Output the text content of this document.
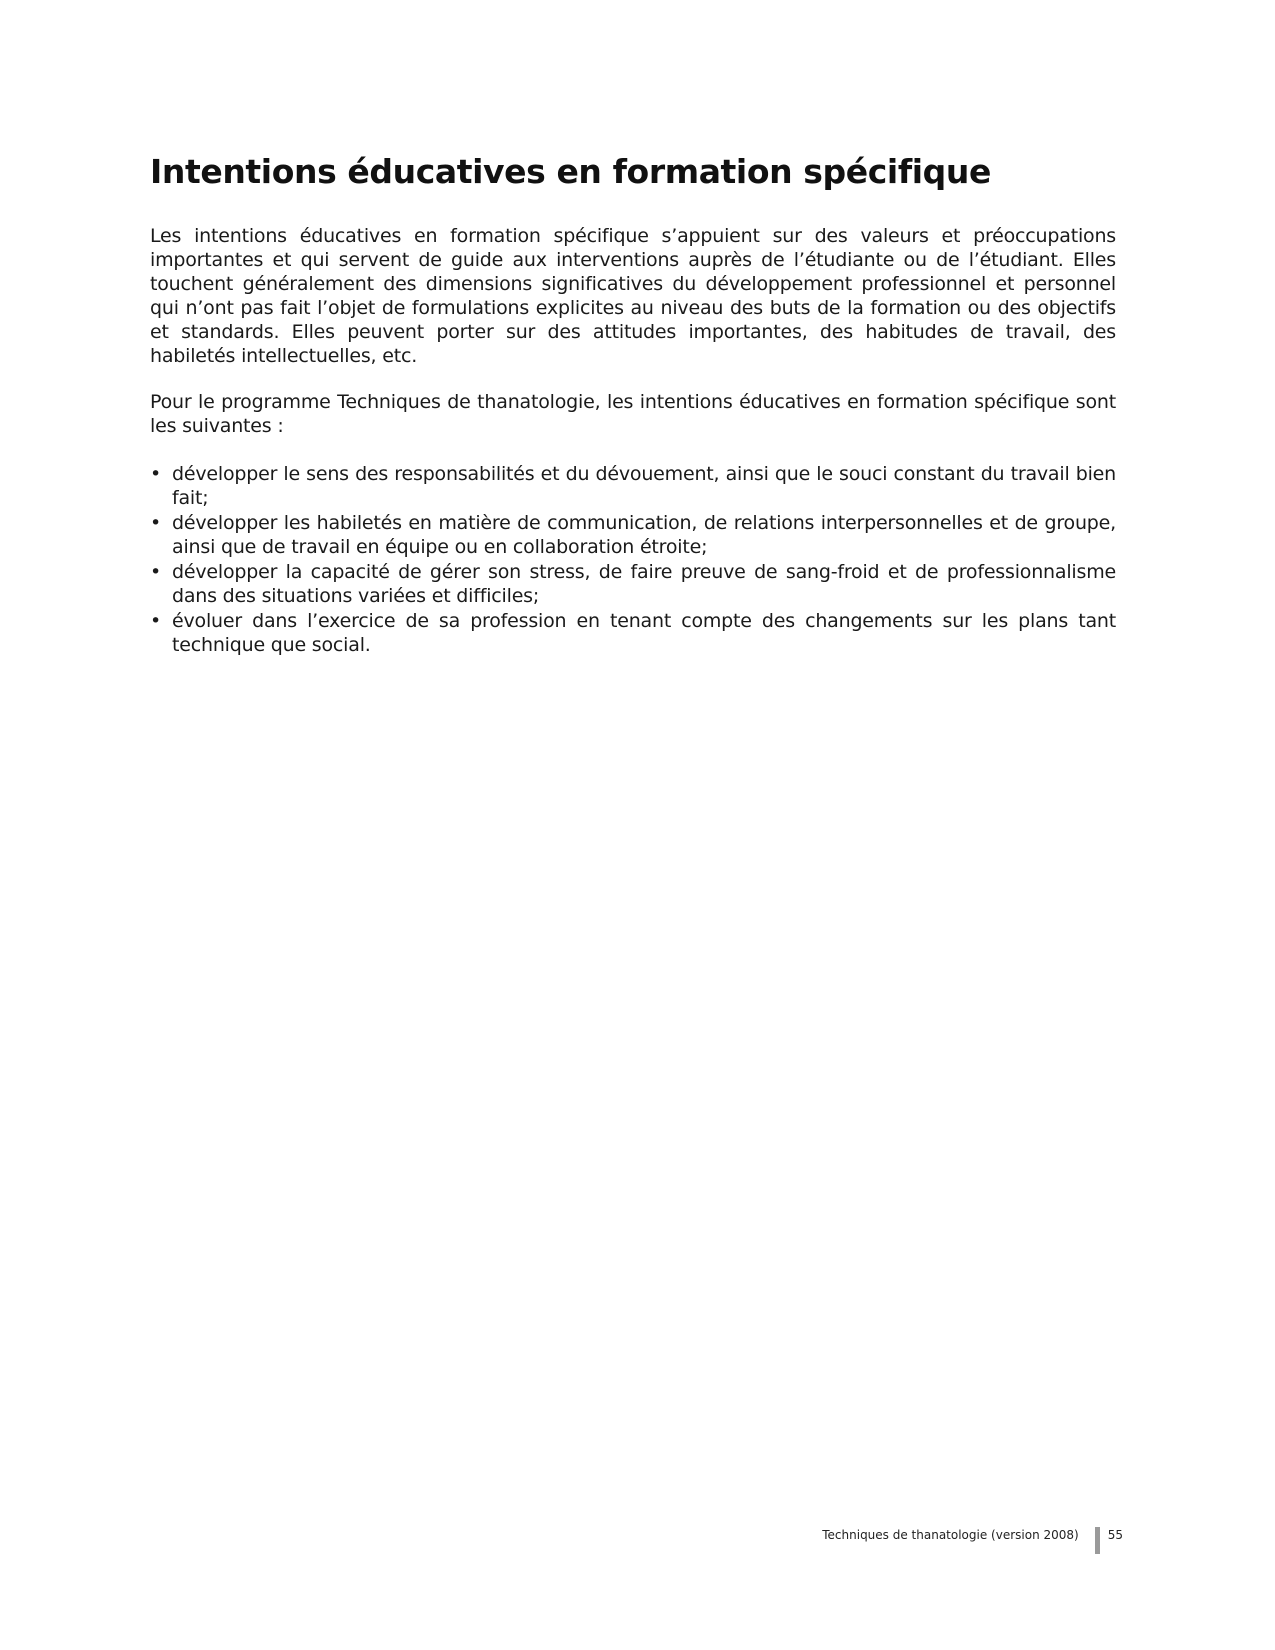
Intentions éducatives en formation spécifique

Les intentions éducatives en formation spécifique s’appuient sur des valeurs et préoccupations importantes et qui servent de guide aux interventions auprès de l’étudiante ou de l’étudiant. Elles touchent généralement des dimensions significatives du développement professionnel et personnel qui n’ont pas fait l’objet de formulations explicites au niveau des buts de la formation ou des objectifs et standards. Elles peuvent porter sur des attitudes importantes, des habitudes de travail, des habiletés intellectuelles, etc.

Pour le programme Techniques de thanatologie, les intentions éducatives en formation spécifique sont les suivantes :

• développer le sens des responsabilités et du dévouement, ainsi que le souci constant du travail bien fait;
• développer les habiletés en matière de communication, de relations interpersonnelles et de groupe, ainsi que de travail en équipe ou en collaboration étroite;
• développer la capacité de gérer son stress, de faire preuve de sang-froid et de professionnalisme dans des situations variées et difficiles;
• évoluer dans l’exercice de sa profession en tenant compte des changements sur les plans tant technique que social.
Techniques de thanatologie (version 2008) 55
